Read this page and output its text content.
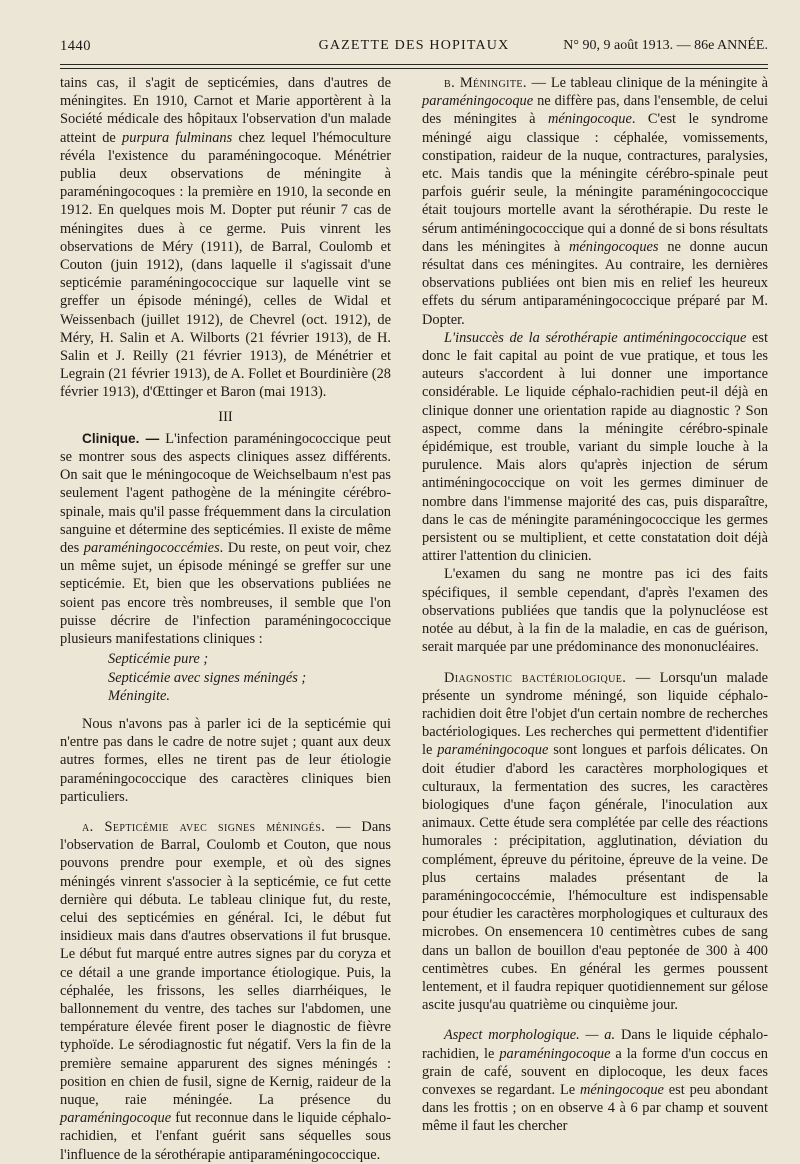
1440	GAZETTE DES HOPITAUX	N° 90, 9 août 1913. — 86e ANNÉE.

tains cas, il s'agit de septicémies, dans d'autres de méningites. En 1910, Carnot et Marie apportèrent à la Société médicale des hôpitaux l'observation d'un malade atteint de purpura fulminans chez lequel l'hémoculture révéla l'existence du paraméningocoque. Ménétrier publia deux observations de méningite à paraméningocoques : la première en 1910, la seconde en 1912. En quelques mois M. Dopter put réunir 7 cas de méningites dues à ce germe. Puis vinrent les observations de Méry (1911), de Barral, Coulomb et Couton (juin 1912), (dans laquelle il s'agissait d'une septicémie paraméningococcique sur laquelle vint se greffer un épisode méningé), celles de Widal et Weissenbach (juillet 1912), de Chevrel (oct. 1912), de Méry, H. Salin et A. Wilborts (21 février 1913), de H. Salin et J. Reilly (21 février 1913), de Ménétrier et Legrain (21 février 1913), de A. Follet et Bourdinière (28 février 1913), d'Œttinger et Baron (mai 1913).

III

Clinique. — L'infection paraméningococcique peut se montrer sous des aspects cliniques assez différents. On sait que le méningocoque de Weichselbaum n'est pas seulement l'agent pathogène de la méningite cérébro-spinale, mais qu'il passe fréquemment dans la circulation sanguine et détermine des septicémies. Il existe de même des paraméningococcémies. Du reste, on peut voir, chez un même sujet, un épisode méningé se greffer sur une septicémie. Et, bien que les observations publiées ne soient pas encore très nombreuses, il semble que l'on puisse décrire de l'infection paraméningococcique plusieurs manifestations cliniques :

Septicémie pure ;
Septicémie avec signes méningés ;
Méningite.

Nous n'avons pas à parler ici de la septicémie qui n'entre pas dans le cadre de notre sujet ; quant aux deux autres formes, elles ne tirent pas de leur étiologie paraméningococcique des caractères cliniques bien particuliers.

a. Septicémie avec signes méningés. — Dans l'observation de Barral, Coulomb et Couton, que nous pouvons prendre pour exemple, et où des signes méningés vinrent s'associer à la septicémie, ce fut cette dernière qui débuta. Le tableau clinique fut, du reste, celui des septicémies en général. Ici, le début fut insidieux mais dans d'autres observations il fut brusque. Le début fut marqué entre autres signes par du coryza et ce détail a une grande importance étiologique. Puis, la céphalée, les frissons, les selles diarrhéiques, le ballonnement du ventre, des taches sur l'abdomen, une température élevée firent poser le diagnostic de fièvre typhoïde. Le sérodiagnostic fut négatif. Vers la fin de la première semaine apparurent des signes méningés : position en chien de fusil, signe de Kernig, raideur de la nuque, raie méningée. La présence du paraméningocoque fut reconnue dans le liquide céphalo-rachidien, et l'enfant guérit sans séquelles sous l'influence de la sérothérapie antiparaméningococcique.

b. Méningite. — Le tableau clinique de la méningite à paraméningocoque ne diffère pas, dans l'ensemble, de celui des méningites à méningocoque. C'est le syndrome méningé aigu classique : céphalée, vomissements, constipation, raideur de la nuque, contractures, paralysies, etc. Mais tandis que la méningite cérébro-spinale peut parfois guérir seule, la méningite paraméningococcique était toujours mortelle avant la sérothérapie. Du reste le sérum antiméningococcique qui a donné de si bons résultats dans les méningites à méningocoques ne donne aucun résultat dans ces méningites. Au contraire, les dernières observations publiées ont bien mis en relief les heureux effets du sérum antiparaméningococcique préparé par M. Dopter.

L'insuccès de la sérothérapie antiméningococcique est donc le fait capital au point de vue pratique, et tous les auteurs s'accordent à lui donner une importance considérable. Le liquide céphalo-rachidien peut-il déjà en clinique donner une orientation rapide au diagnostic ? Son aspect, comme dans la méningite cérébro-spinale épidémique, est trouble, variant du simple louche à la purulence. Mais alors qu'après injection de sérum antiméningococcique on voit les germes diminuer de nombre dans l'immense majorité des cas, puis disparaître, dans le cas de méningite paraméningococcique les germes persistent ou se multiplient, et cette constatation doit déjà attirer l'attention du clinicien.

L'examen du sang ne montre pas ici des faits spécifiques, il semble cependant, d'après l'examen des observations publiées que tandis que la polynucléose est notée au début, à la fin de la maladie, en cas de guérison, serait marquée par une prédominance des mononucléaires.

Diagnostic bactériologique. — Lorsqu'un malade présente un syndrome méningé, son liquide céphalo-rachidien doit être l'objet d'un certain nombre de recherches bactériologiques. Les recherches qui permettent d'identifier le paraméningocoque sont longues et parfois délicates. On doit étudier d'abord les caractères morphologiques et culturaux, la fermentation des sucres, les caractères biologiques d'une façon générale, l'inoculation aux animaux. Cette étude sera complétée par celle des réactions humorales : précipitation, agglutination, déviation du complément, épreuve du péritoine, épreuve de la veine. De plus certains malades présentant de la paraméningococcémie, l'hémoculture est indispensable pour étudier les caractères morphologiques et culturaux des microbes. On ensemencera 10 centimètres cubes de sang dans un ballon de bouillon d'eau peptonée de 300 à 400 centimètres cubes. En général les germes poussent lentement, et il faudra repiquer quotidiennement sur gélose ascite jusqu'au quatrième ou cinquième jour.

Aspect morphologique. — a. Dans le liquide céphalo-rachidien, le paraméningocoque a la forme d'un coccus en grain de café, souvent en diplocoque, les deux faces convexes se regardant. Le méningocoque est peu abondant dans les frottis ; on en observe 4 à 6 par champ et souvent même il faut les chercher
